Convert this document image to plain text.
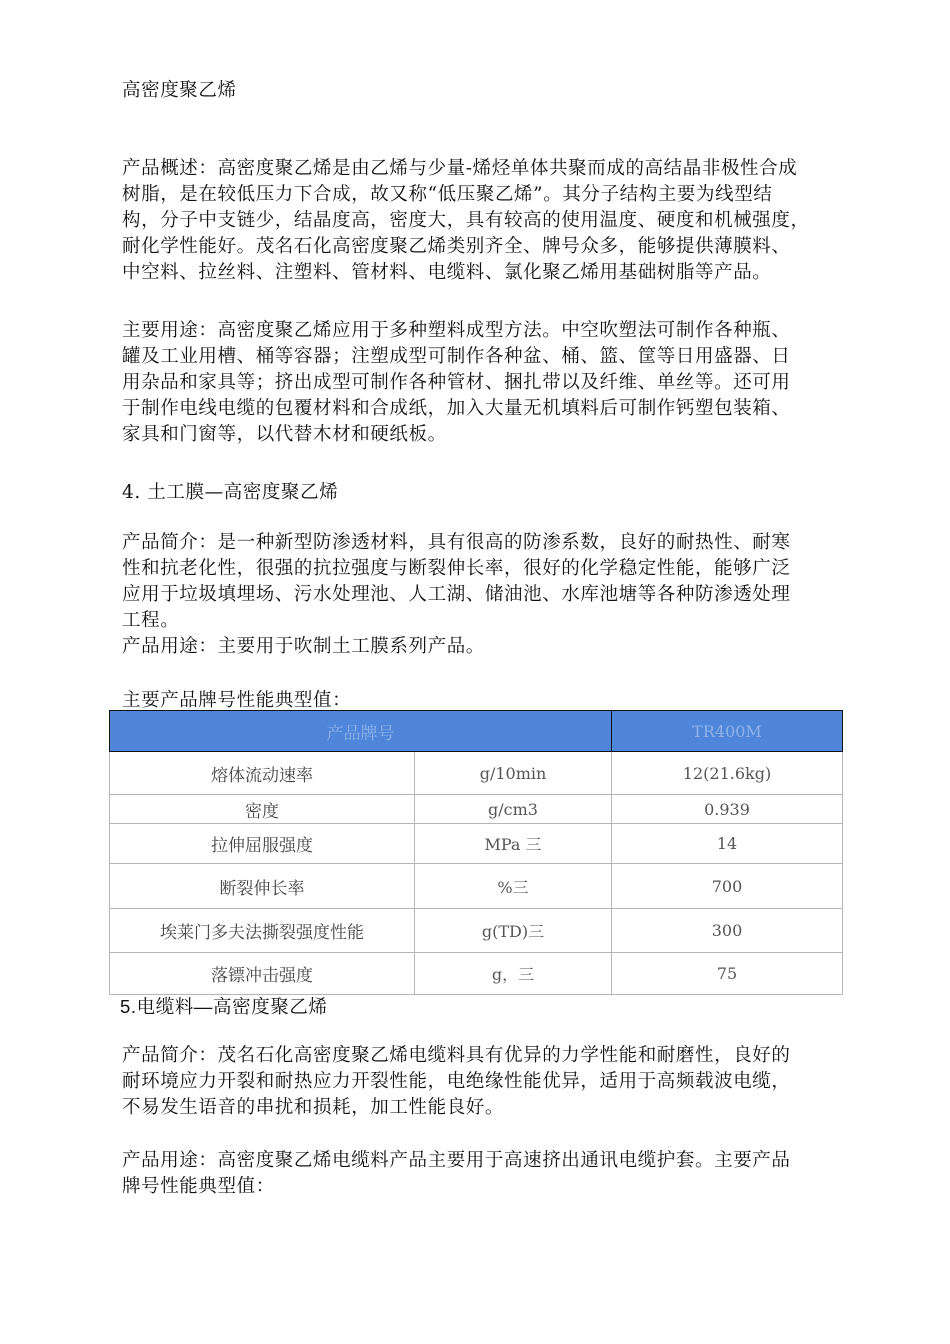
高密度聚乙烯
产品概述：高密度聚乙烯是由乙烯与少量-烯烃单体共聚而成的高结晶非极性合成
树脂，是在较低压力下合成，故又称“低压聚乙烯”。其分子结构主要为线型结
构，分子中支链少，结晶度高，密度大，具有较高的使用温度、硬度和机械强度，
耐化学性能好。茂名石化高密度聚乙烯类别齐全、牌号众多，能够提供薄膜料、
中空料、拉丝料、注塑料、管材料、电缆料、氯化聚乙烯用基础树脂等产品。
主要用途：高密度聚乙烯应用于多种塑料成型方法。中空吹塑法可制作各种瓶、
罐及工业用槽、桶等容器；注塑成型可制作各种盆、桶、篮、筐等日用盛器、日
用杂品和家具等；挤出成型可制作各种管材、捆扎带以及纤维、单丝等。还可用
于制作电线电缆的包覆材料和合成纸，加入大量无机填料后可制作钙塑包装箱、
家具和门窗等，以代替木材和硬纸板。
4. 土工膜—高密度聚乙烯
产品简介：是一种新型防渗透材料，具有很高的防渗系数，良好的耐热性、耐寒
性和抗老化性，很强的抗拉强度与断裂伸长率，很好的化学稳定性能，能够广泛
应用于垃圾填埋场、污水处理池、人工湖、储油池、水库池塘等各种防渗透处理
工程。
产品用途：主要用于吹制土工膜系列产品。
主要产品牌号性能典型值：
产品牌号		TR400M
熔体流动速率	g/10min	12(21.6kg)
密度	g/cm3	0.939
拉伸屈服强度	MPa 三	14
断裂伸长率	%三	700
埃莱门多夫法撕裂强度性能	g(TD)三	300
落镖冲击强度	g，三	75
5.电缆料—高密度聚乙烯
产品简介：茂名石化高密度聚乙烯电缆料具有优异的力学性能和耐磨性，良好的
耐环境应力开裂和耐热应力开裂性能，电绝缘性能优异，适用于高频载波电缆，
不易发生语音的串扰和损耗，加工性能良好。
产品用途：高密度聚乙烯电缆料产品主要用于高速挤出通讯电缆护套。主要产品
牌号性能典型值：
